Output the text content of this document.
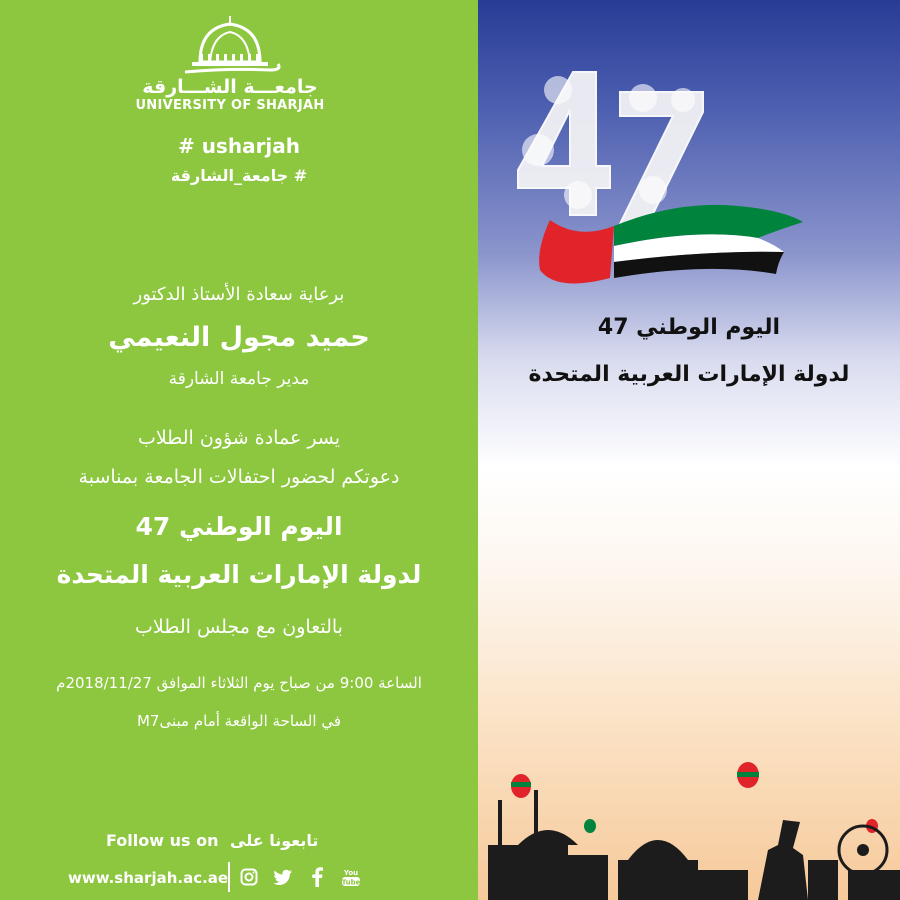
جامعـــة الشـــارقة
UNIVERSITY OF SHARJAH
# usharjah
# جامعة_الشارقة
برعاية سعادة الأستاذ الدكتور
حميد مجول النعيمي
مدير جامعة الشارقة
يسر عمادة شؤون الطلاب
دعوتكم لحضور احتفالات الجامعة بمناسبة
اليوم الوطني 47
لدولة الإمارات العربية المتحدة
بالتعاون مع مجلس الطلاب
الساعة 9:00 من صباح يوم الثلاثاء الموافق 2018/11/27م
في الساحة الواقعة أمام مبنىM7
Follow us on تابعونا على
www.sharjah.ac.ae	You
Tube
اليوم الوطني 47
لدولة الإمارات العربية المتحدة
